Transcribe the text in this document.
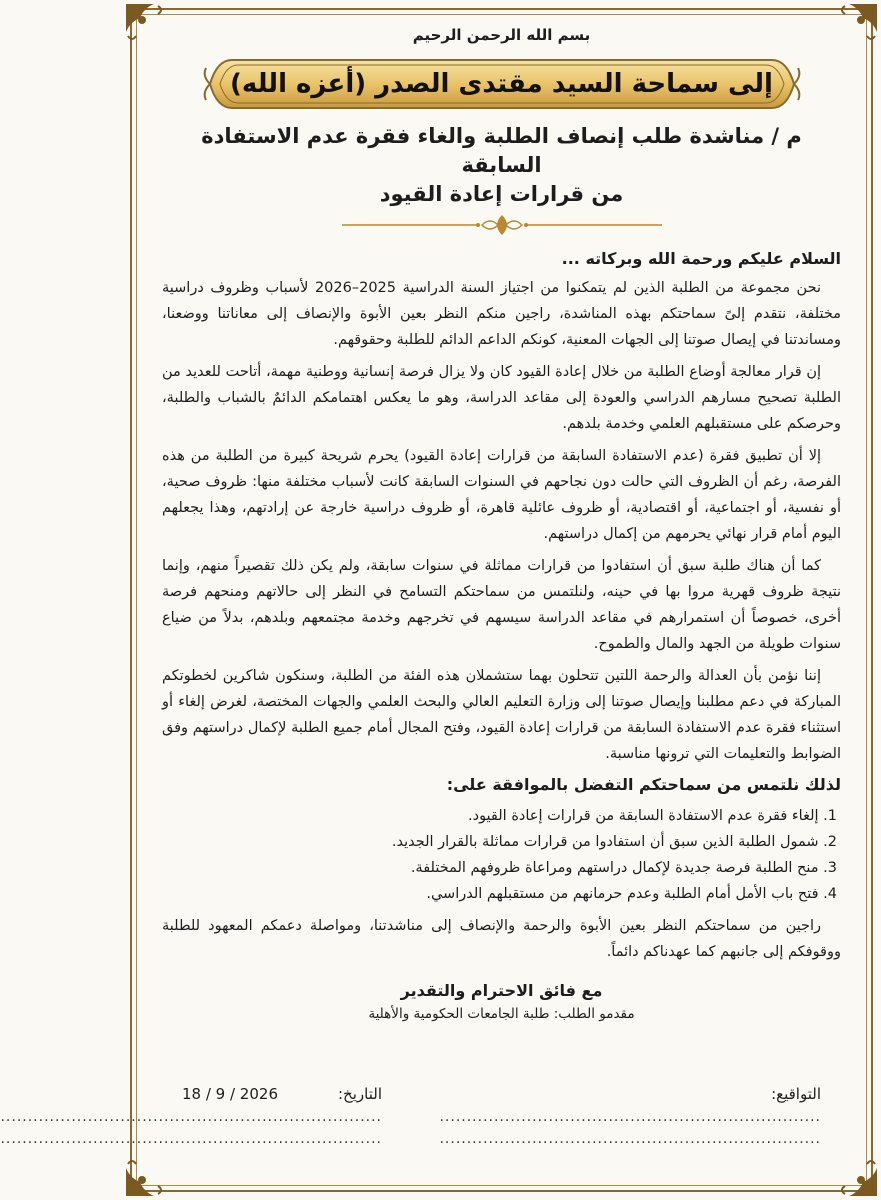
بسم الله الرحمن الرحيم
إلى سماحة السيد مقتدى الصدر (أعزه الله)
م / مناشدة طلب إنصاف الطلبة والغاء فقرة عدم الاستفادة السابقة
من قرارات إعادة القيود
السلام عليكم ورحمة الله وبركاته ...

نحن مجموعة من الطلبة الذين لم يتمكنوا من اجتياز السنة الدراسية 2025–2026 لأسباب وظروف دراسية مختلفة، نتقدم إلىً سماحتكم بهذه المناشدة، راجين منكم النظر بعين الأبوة والإنصاف إلى معاناتنا ووضعنا، ومساندتنا في إيصال صوتنا إلى الجهات المعنية، كونكم الداعم الدائم للطلبة وحقوقهم.

إن قرار معالجة أوضاع الطلبة من خلال إعادة القيود كان ولا يزال فرصة إنسانية ووطنية مهمة، أتاحت للعديد من الطلبة تصحيح مسارهم الدراسي والعودة إلى مقاعد الدراسة، وهو ما يعكس اهتمامكم الدائمٌ بالشباب والطلبة، وحرصكم على مستقبلهم العلمي وخدمة بلدهم.

إلا أن تطبيق فقرة (عدم الاستفادة السابقة من قرارات إعادة القيود) يحرم شريحة كبيرة من الطلبة من هذه الفرصة، رغم أن الظروف التي حالت دون نجاحهم في السنوات السابقة كانت لأسباب مختلفة منها: ظروف صحية، أو نفسية، أو اجتماعية، أو اقتصادية، أو ظروف عائلية قاهرة، أو ظروف دراسية خارجة عن إرادتهم، وهذا يجعلهم اليوم أمام قرار نهائي يحرمهم من إكمال دراستهم.

كما أن هناك طلبة سبق أن استفادوا من قرارات مماثلة في سنوات سابقة، ولم يكن ذلك تقصيراً منهم، وإنما نتيجة ظروف قهرية مروا بها في حينه، ولنلتمس من سماحتكم التسامح في النظر إلى حالاتهم ومنحهم فرصة أخرى، خصوصاً أن استمرارهم في مقاعد الدراسة سيسهم في تخرجهم وخدمة مجتمعهم وبلدهم، بدلاً من ضياع سنوات طويلة من الجهد والمال والطموح.

إننا نؤمن بأن العدالة والرحمة اللتين تتحلون بهما ستشملان هذه الفئة من الطلبة، وسنكون شاكرين لخطوتكم المباركة في دعم مطلبنا وإيصال صوتنا إلى وزارة التعليم العالي والبحث العلمي والجهات المختصة، لغرض إلغاء أو استثناء فقرة عدم الاستفادة السابقة من قرارات إعادة القيود، وفتح المجال أمام جميع الطلبة لإكمال دراستهم وفق الضوابط والتعليمات التي ترونها مناسبة.

لذلك نلتمس من سماحتكم التفضل بالموافقة على:
1. إلغاء فقرة عدم الاستفادة السابقة من قرارات إعادة القيود.
2. شمول الطلبة الذين سبق أن استفادوا من قرارات مماثلة بالقرار الجديد.
3. منح الطلبة فرصة جديدة لإكمال دراستهم ومراعاة ظروفهم المختلفة.
4. فتح باب الأمل أمام الطلبة وعدم حرمانهم من مستقبلهم الدراسي.

راجين من سماحتكم النظر بعين الأبوة والرحمة والإنصاف إلى مناشدتنا، ومواصلة دعمكم المعهود للطلبة ووقوفكم إلى جانبهم كما عهدناكم دائماً.

مع فائق الاحترام والتقدير
مقدمو الطلب: طلبة الجامعات الحكومية والأهلية
التواقيع:
......................................................................
......................................................................
التاريخ:
18 / 9 / 2026
......................................................................
......................................................................
